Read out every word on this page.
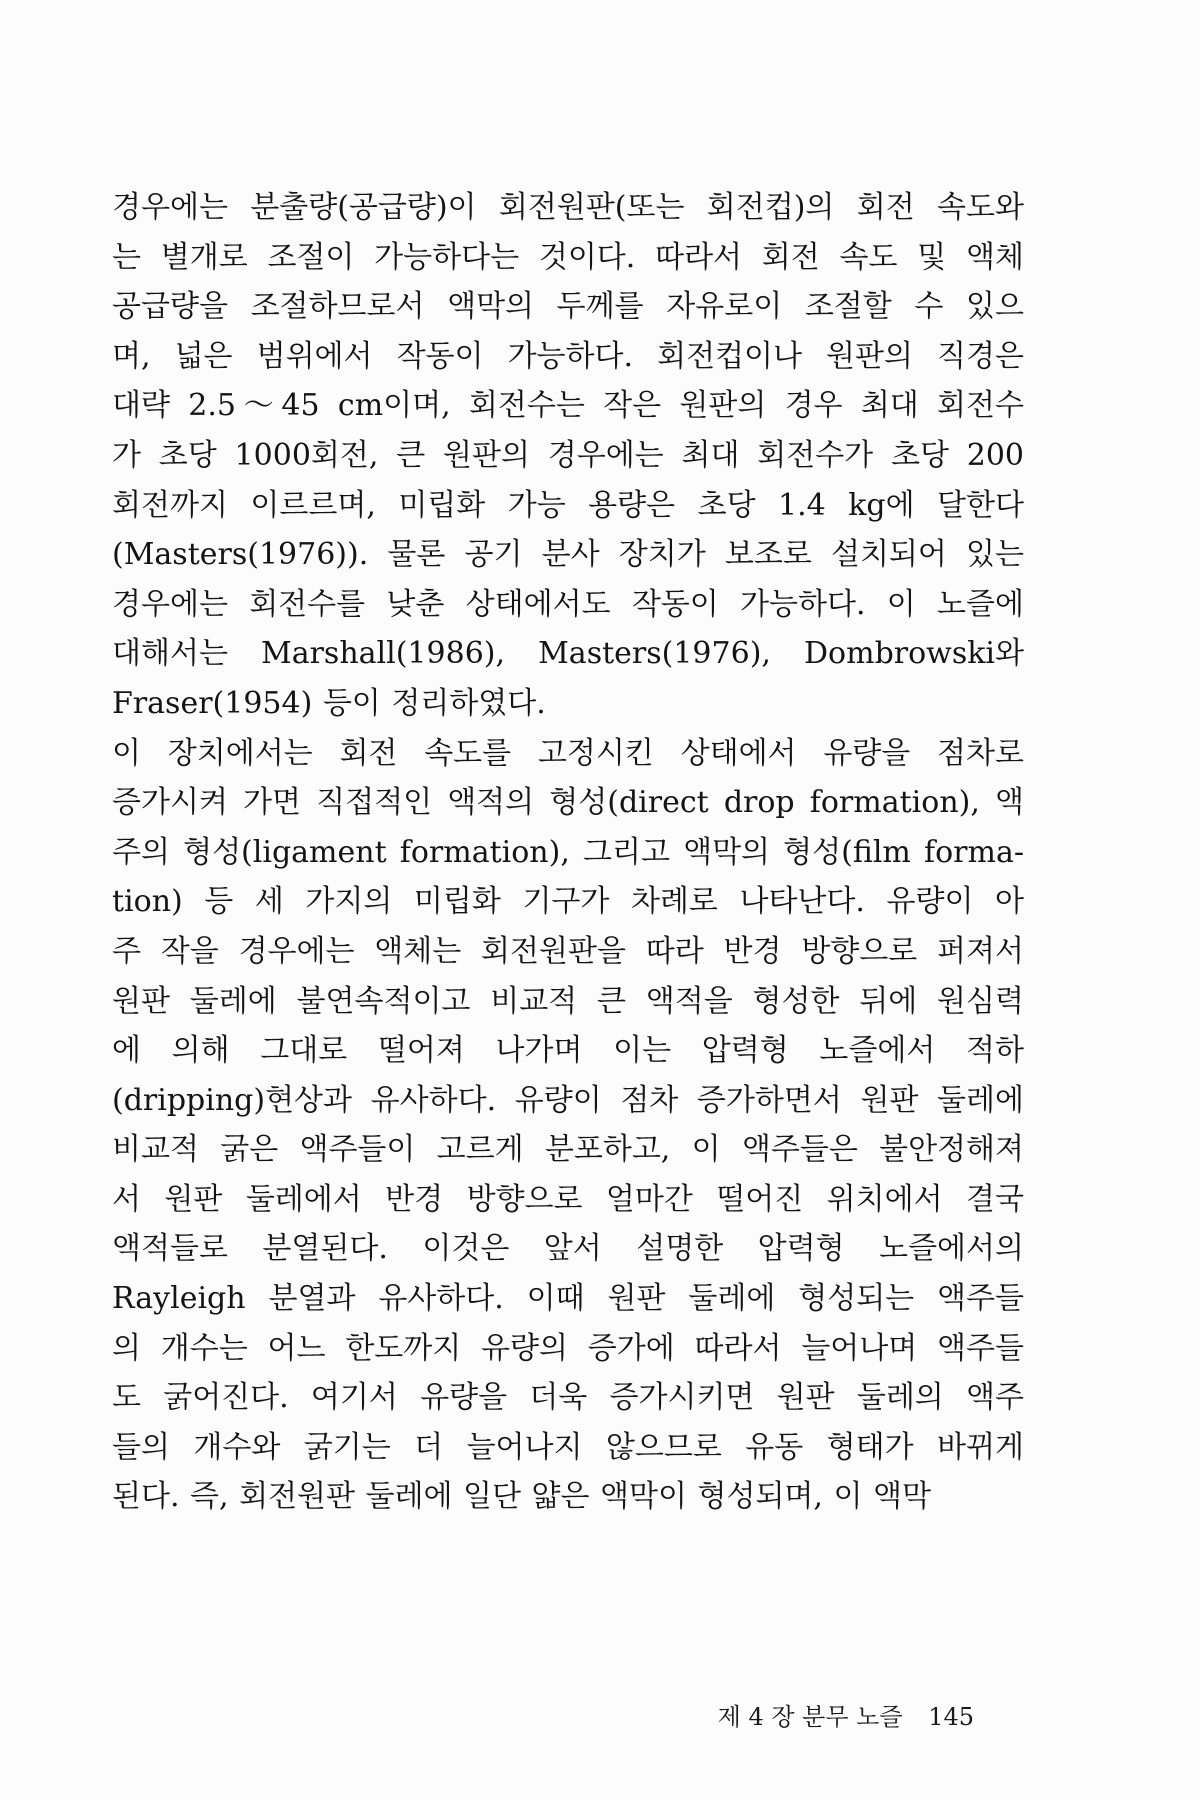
경우에는 분출량(공급량)이 회전원판(또는 회전컵)의 회전 속도와
는 별개로 조절이 가능하다는 것이다. 따라서 회전 속도 및 액체
공급량을 조절하므로서 액막의 두께를 자유로이 조절할 수 있으
며, 넓은 범위에서 작동이 가능하다. 회전컵이나 원판의 직경은
대략 2.5～45 cm이며, 회전수는 작은 원판의 경우 최대 회전수
가 초당 1000회전, 큰 원판의 경우에는 최대 회전수가 초당 200
회전까지 이르르며, 미립화 가능 용량은 초당 1.4 kg에 달한다
(Masters(1976)). 물론 공기 분사 장치가 보조로 설치되어 있는
경우에는 회전수를 낮춘 상태에서도 작동이 가능하다. 이 노즐에
대해서는 Marshall(1986), Masters(1976), Dombrowski와
Fraser(1954) 등이 정리하였다.
이 장치에서는 회전 속도를 고정시킨 상태에서 유량을 점차로
증가시켜 가면 직접적인 액적의 형성(direct drop formation), 액
주의 형성(ligament formation), 그리고 액막의 형성(film forma-
tion) 등 세 가지의 미립화 기구가 차례로 나타난다. 유량이 아
주 작을 경우에는 액체는 회전원판을 따라 반경 방향으로 퍼져서
원판 둘레에 불연속적이고 비교적 큰 액적을 형성한 뒤에 원심력
에 의해 그대로 떨어져 나가며 이는 압력형 노즐에서 적하
(dripping)현상과 유사하다. 유량이 점차 증가하면서 원판 둘레에
비교적 굵은 액주들이 고르게 분포하고, 이 액주들은 불안정해져
서 원판 둘레에서 반경 방향으로 얼마간 떨어진 위치에서 결국
액적들로 분열된다. 이것은 앞서 설명한 압력형 노즐에서의
Rayleigh 분열과 유사하다. 이때 원판 둘레에 형성되는 액주들
의 개수는 어느 한도까지 유량의 증가에 따라서 늘어나며 액주들
도 굵어진다. 여기서 유량을 더욱 증가시키면 원판 둘레의 액주
들의 개수와 굵기는 더 늘어나지 않으므로 유동 형태가 바뀌게
된다. 즉, 회전원판 둘레에 일단 얇은 액막이 형성되며, 이 액막
제 4 장 분무 노즐 145
